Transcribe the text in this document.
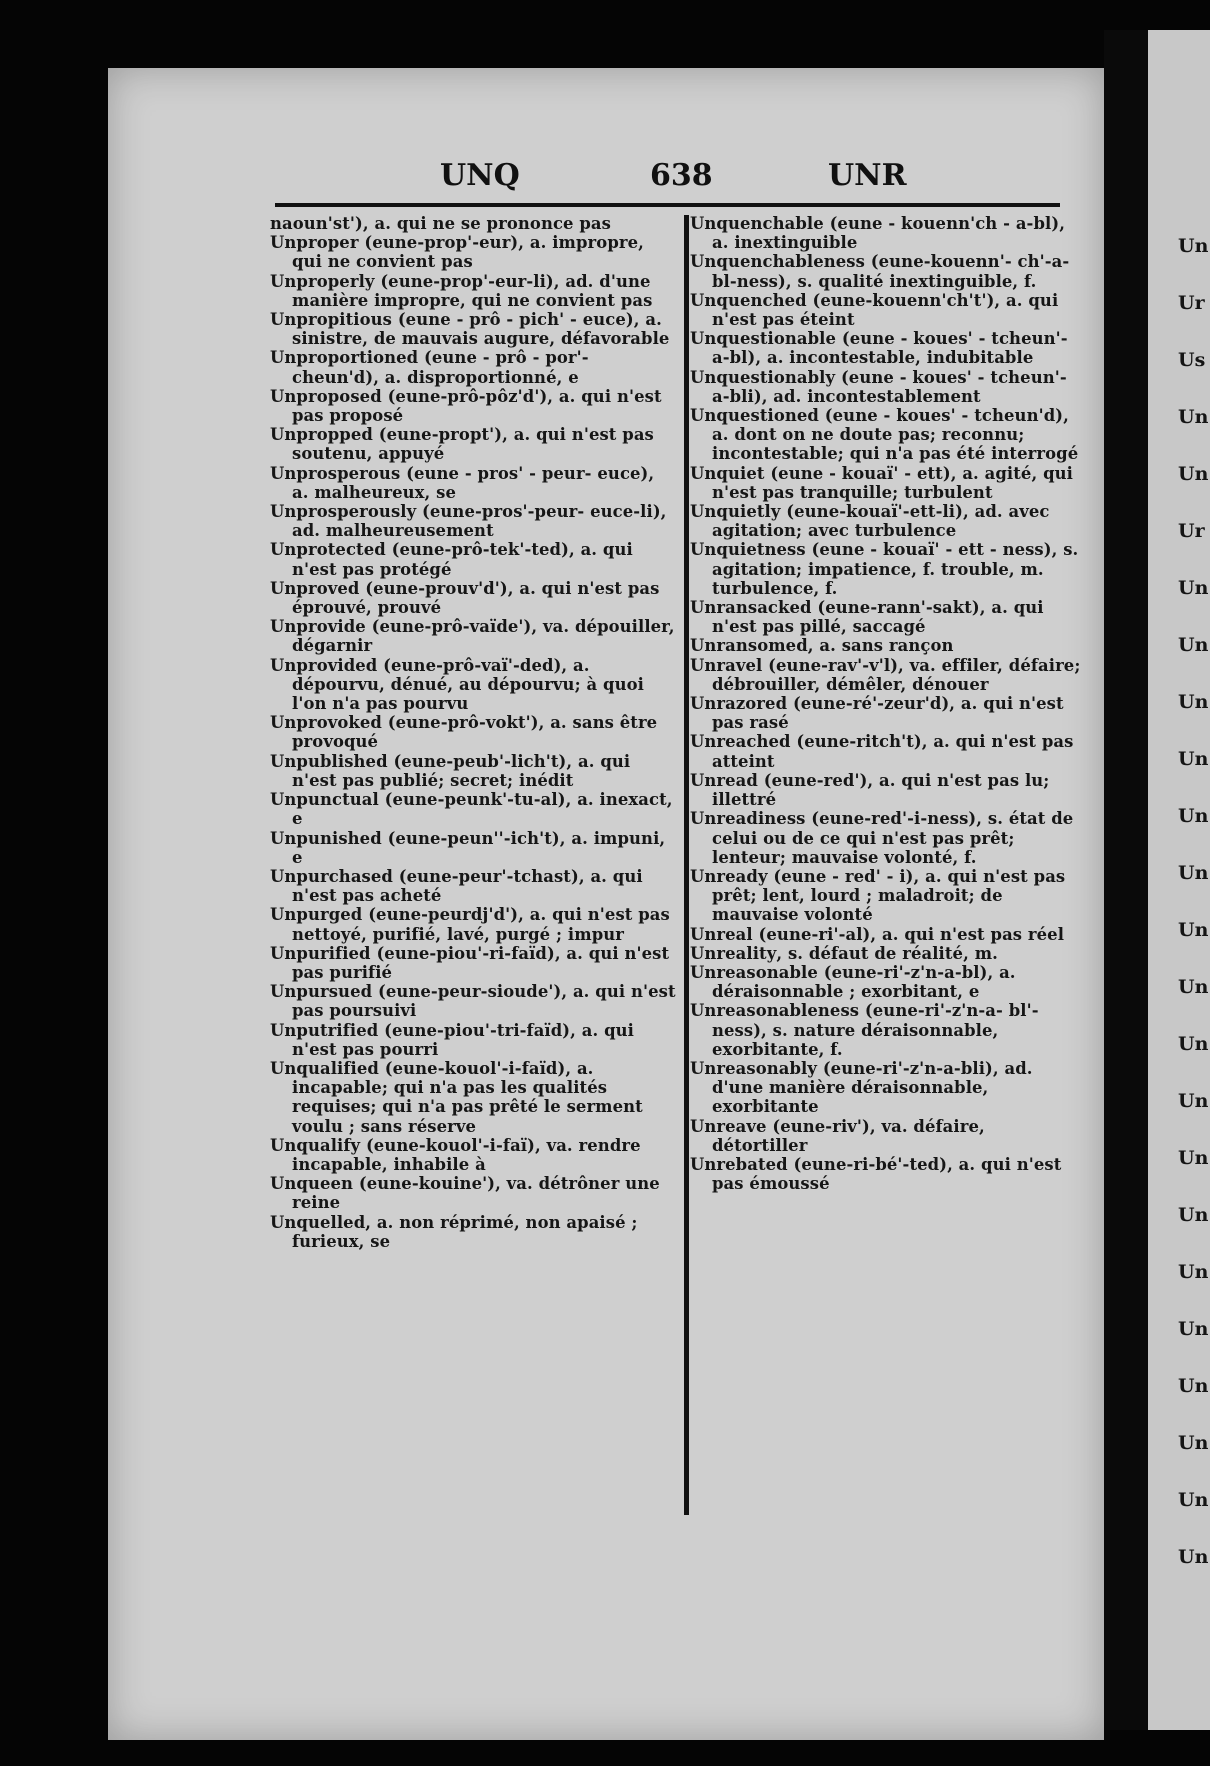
Un
Ur
Us
Un
Un
Ur
Un
Un
Un
Un
Un
Un
Un
Un
Un
Un
Un
Un
Un
Un
Un
Un
Un
Un
UNQ	638	UNR

naoun'st'), a. qui ne se prononce pas

Unproper (eune-prop'-eur), a. impropre, qui ne convient pas

Unproperly (eune-prop'-eur-li), ad. d'une manière impropre, qui ne convient pas

Unpropitious (eune - prô - pich' - euce), a. sinistre, de mauvais augure, défavorable

Unproportioned (eune - prô - por'- cheun'd), a. disproportionné, e

Unproposed (eune-prô-pôz'd'), a. qui n'est pas proposé

Unpropped (eune-propt'), a. qui n'est pas soutenu, appuyé

Unprosperous (eune - pros' - peur- euce), a. malheureux, se

Unprosperously (eune-pros'-peur- euce-li), ad. malheureusement

Unprotected (eune-prô-tek'-ted), a. qui n'est pas protégé

Unproved (eune-prouv'd'), a. qui n'est pas éprouvé, prouvé

Unprovide (eune-prô-vaïde'), va. dépouiller, dégarnir

Unprovided (eune-prô-vaï'-ded), a. dépourvu, dénué, au dépourvu; à quoi l'on n'a pas pourvu

Unprovoked (eune-prô-vokt'), a. sans être provoqué

Unpublished (eune-peub'-lich't), a. qui n'est pas publié; secret; inédit

Unpunctual (eune-peunk'-tu-al), a. inexact, e

Unpunished (eune-peun''-ich't), a. impuni, e

Unpurchased (eune-peur'-tchast), a. qui n'est pas acheté

Unpurged (eune-peurdj'd'), a. qui n'est pas nettoyé, purifié, lavé, purgé ; impur

Unpurified (eune-piou'-ri-faïd), a. qui n'est pas purifié

Unpursued (eune-peur-sioude'), a. qui n'est pas poursuivi

Unputrified (eune-piou'-tri-faïd), a. qui n'est pas pourri

Unqualified (eune-kouol'-i-faïd), a. incapable; qui n'a pas les qualités requises; qui n'a pas prêté le serment voulu ; sans réserve

Unqualify (eune-kouol'-i-faï), va. rendre incapable, inhabile à

Unqueen (eune-kouine'), va. détrôner une reine

Unquelled, a. non réprimé, non apaisé ; furieux, se

Unquenchable (eune - kouenn'ch - a-bl), a. inextinguible

Unquenchableness (eune-kouenn'- ch'-a-bl-ness), s. qualité inextinguible, f.

Unquenched (eune-kouenn'ch't'), a. qui n'est pas éteint

Unquestionable (eune - koues' - tcheun'-a-bl), a. incontestable, indubitable

Unquestionably (eune - koues' - tcheun'-a-bli), ad. incontestablement

Unquestioned (eune - koues' - tcheun'd), a. dont on ne doute pas; reconnu; incontestable; qui n'a pas été interrogé

Unquiet (eune - kouaï' - ett), a. agité, qui n'est pas tranquille; turbulent

Unquietly (eune-kouaï'-ett-li), ad. avec agitation; avec turbulence

Unquietness (eune - kouaï' - ett - ness), s. agitation; impatience, f. trouble, m. turbulence, f.

Unransacked (eune-rann'-sakt), a. qui n'est pas pillé, saccagé

Unransomed, a. sans rançon

Unravel (eune-rav'-v'l), va. effiler, défaire; débrouiller, démêler, dénouer

Unrazored (eune-ré'-zeur'd), a. qui n'est pas rasé

Unreached (eune-ritch't), a. qui n'est pas atteint

Unread (eune-red'), a. qui n'est pas lu; illettré

Unreadiness (eune-red'-i-ness), s. état de celui ou de ce qui n'est pas prêt; lenteur; mauvaise volonté, f.

Unready (eune - red' - i), a. qui n'est pas prêt; lent, lourd ; maladroit; de mauvaise volonté

Unreal (eune-ri'-al), a. qui n'est pas réel

Unreality, s. défaut de réalité, m.

Unreasonable (eune-ri'-z'n-a-bl), a. déraisonnable ; exorbitant, e

Unreasonableness (eune-ri'-z'n-a- bl'-ness), s. nature déraisonnable, exorbitante, f.

Unreasonably (eune-ri'-z'n-a-bli), ad. d'une manière déraisonnable, exorbitante

Unreave (eune-riv'), va. défaire, détortiller

Unrebated (eune-ri-bé'-ted), a. qui n'est pas émoussé
